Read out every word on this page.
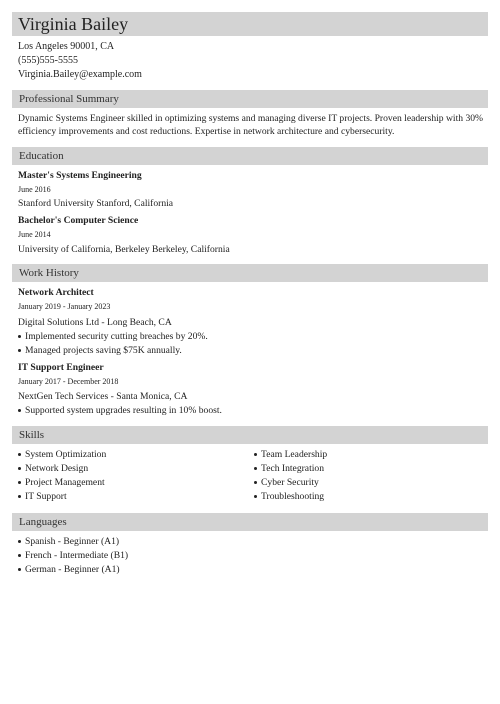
Virginia Bailey
Los Angeles 90001, CA
(555)555-5555
Virginia.Bailey@example.com
Professional Summary
Dynamic Systems Engineer skilled in optimizing systems and managing diverse IT projects. Proven leadership with 30% efficiency improvements and cost reductions. Expertise in network architecture and cybersecurity.
Education
Master's Systems Engineering
June 2016
Stanford University Stanford, California
Bachelor's Computer Science
June 2014
University of California, Berkeley Berkeley, California
Work History
Network Architect
January 2019 - January 2023
Digital Solutions Ltd - Long Beach, CA
Implemented security cutting breaches by 20%.
Managed projects saving $75K annually.
IT Support Engineer
January 2017 - December 2018
NextGen Tech Services - Santa Monica, CA
Supported system upgrades resulting in 10% boost.
Skills
System Optimization
Network Design
Project Management
IT Support
Team Leadership
Tech Integration
Cyber Security
Troubleshooting
Languages
Spanish - Beginner (A1)
French - Intermediate (B1)
German - Beginner (A1)
